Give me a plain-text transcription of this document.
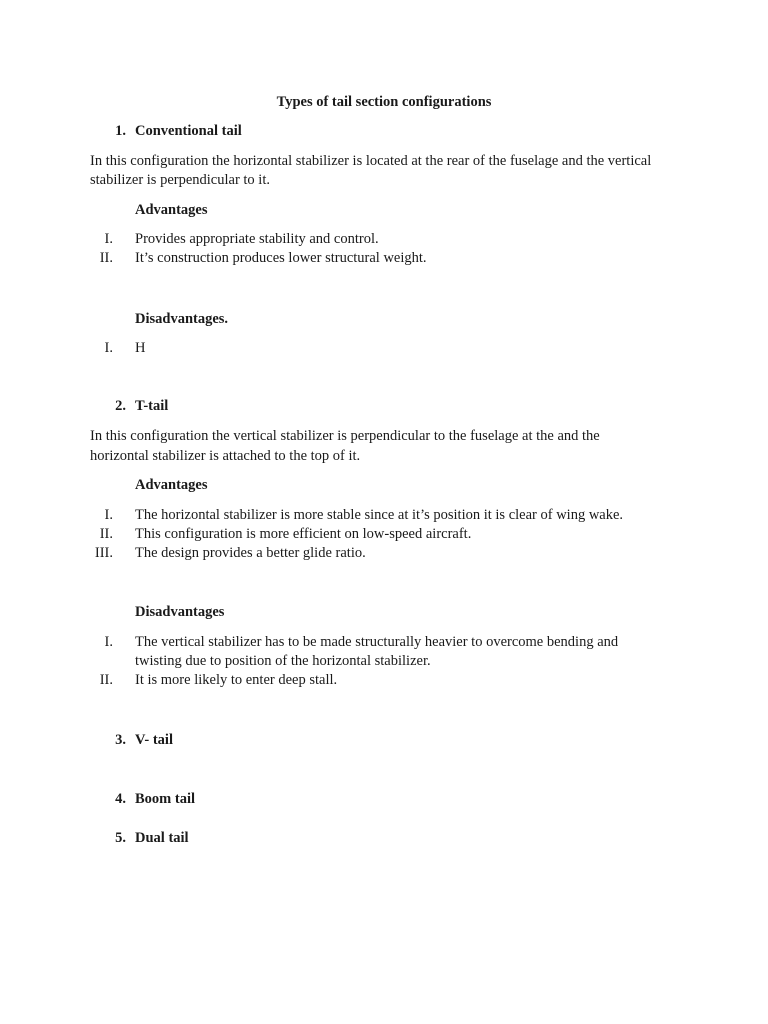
Types of tail section configurations
1. Conventional tail
In this configuration the horizontal stabilizer is located at the rear of the fuselage and the vertical
stabilizer is perpendicular to it.
Advantages
I. Provides appropriate stability and control.
II. It’s construction produces lower structural weight.
Disadvantages.
I. H
2. T-tail
In this configuration the vertical stabilizer is perpendicular to the fuselage at the and the
horizontal stabilizer is attached to the top of it.
Advantages
I. The horizontal stabilizer is more stable since at it’s position it is clear of wing wake.
II. This configuration is more efficient on low-speed aircraft.
III. The design provides a better glide ratio.
Disadvantages
I. The vertical stabilizer has to be made structurally heavier to overcome bending and
twisting due to position of the horizontal stabilizer.
II. It is more likely to enter deep stall.
3. V- tail
4. Boom tail
5. Dual tail
